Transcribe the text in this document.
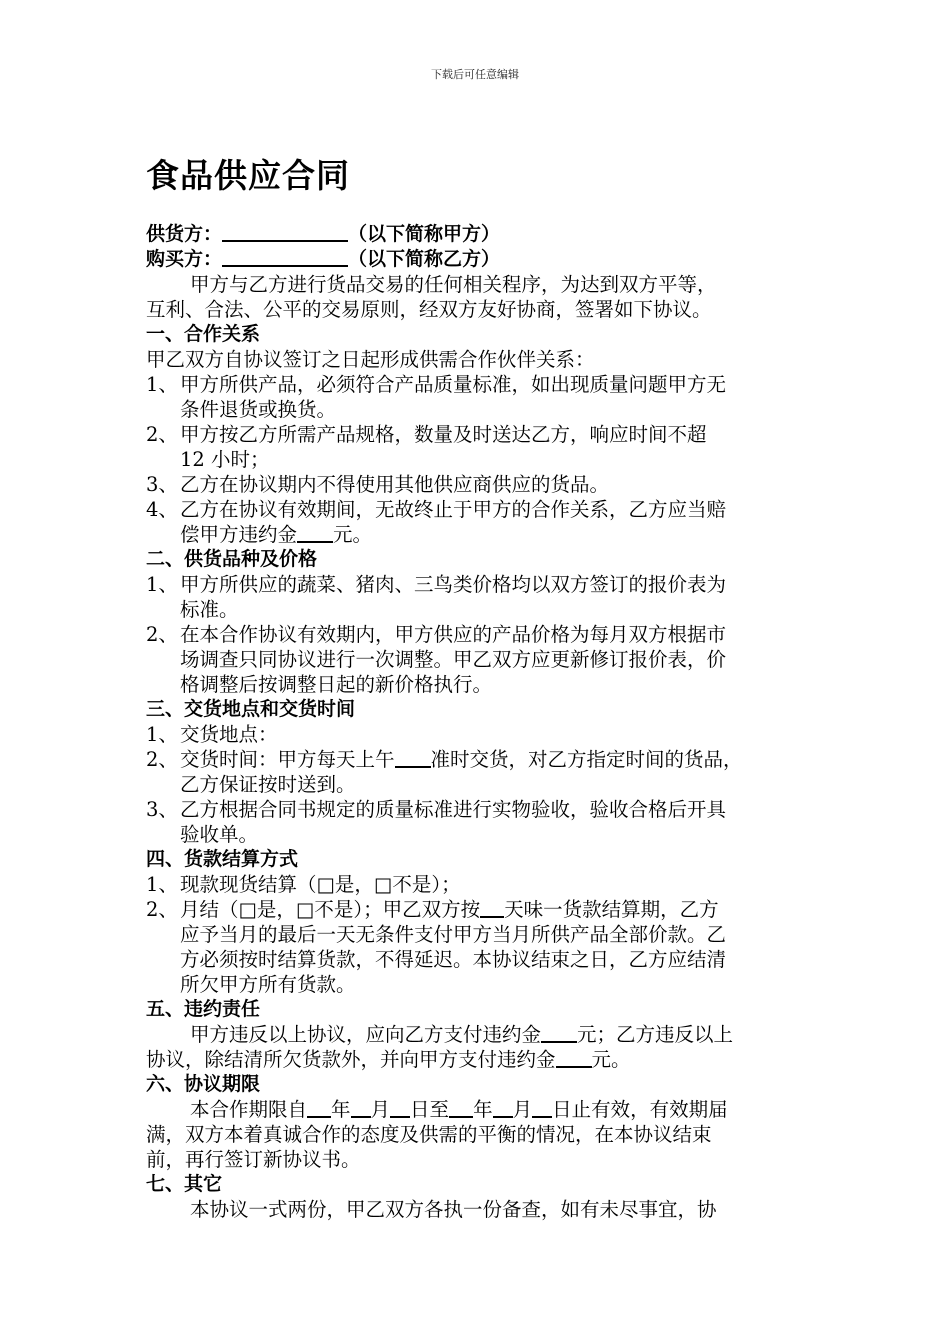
下载后可任意编辑
食品供应合同
供货方：	（以下简称甲方）
购买方：	（以下简称乙方）
甲方与乙方进行货品交易的任何相关程序，为达到双方平等，
互利、合法、公平的交易原则，经双方友好协商，签署如下协议。
一、合作关系
甲乙双方自协议签订之日起形成供需合作伙伴关系：
1、 甲方所供产品，必须符合产品质量标准，如出现质量问题甲方无
条件退货或换货。
2、 甲方按乙方所需产品规格，数量及时送达乙方，响应时间不超
12 小时；
3、 乙方在协议期内不得使用其他供应商供应的货品。
4、 乙方在协议有效期间，无故终止于甲方的合作关系，乙方应当赔
偿甲方违约金 元。
二、供货品种及价格
1、 甲方所供应的蔬菜、猪肉、三鸟类价格均以双方签订的报价表为
标准。
2、 在本合作协议有效期内，甲方供应的产品价格为每月双方根据市
场调查只同协议进行一次调整。甲乙双方应更新修订报价表，价
格调整后按调整日起的新价格执行。
三、交货地点和交货时间
1、 交货地点：
2、 交货时间：甲方每天上午 准时交货，对乙方指定时间的货品，
乙方保证按时送到。
3、 乙方根据合同书规定的质量标准进行实物验收，验收合格后开具
验收单。
四、货款结算方式
1、 现款现货结算（□是，□不是）；
2、 月结（□是，□不是）；甲乙双方按 天味一货款结算期，乙方
应予当月的最后一天无条件支付甲方当月所供产品全部价款。乙
方必须按时结算货款，不得延迟。本协议结束之日，乙方应结清
所欠甲方所有货款。
五、违约责任
甲方违反以上协议，应向乙方支付违约金 元；乙方违反以上
协议，除结清所欠货款外，并向甲方支付违约金 元。
六、协议期限
本合作期限自 年 月 日至 年 月 日止有效，有效期届
满，双方本着真诚合作的态度及供需的平衡的情况，在本协议结束
前，再行签订新协议书。
七、其它
本协议一式两份，甲乙双方各执一份备查，如有未尽事宜，协
